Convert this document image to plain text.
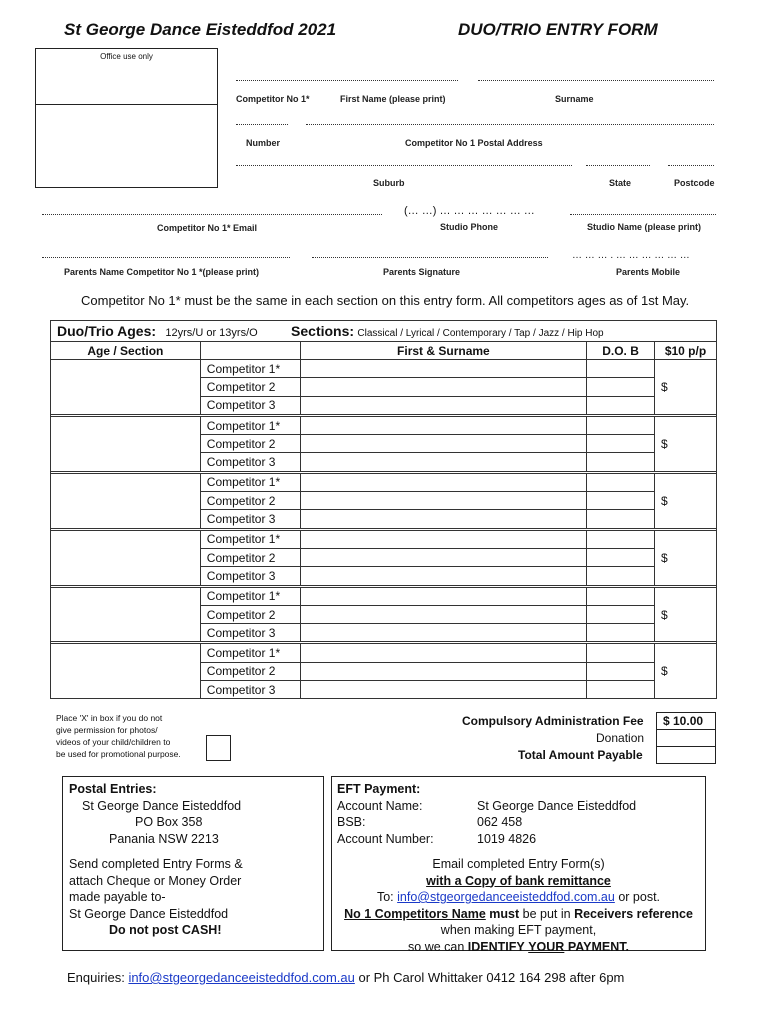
St George Dance Eisteddfod 2021	DUO/TRIO ENTRY FORM
Office use only
Competitor No 1*	First Name (please print)	Surname
Number	Competitor No 1 Postal Address
Suburb	State	Postcode
(… …) … … … … … … …
Competitor No 1* Email	Studio Phone	Studio Name (please print)
… … … . … … … … … …
Parents Name Competitor No 1 *(please print)	Parents Signature	Parents Mobile
Competitor No 1* must be the same in each section on this entry form. All competitors ages as of 1st May.
Duo/Trio Ages: 12yrs/U or 13yrs/O Sections: Classical / Lyrical / Contemporary / Tap / Jazz / Hip Hop				
Age / Section		First & Surname	D.O. B	$10 p/p
	Competitor 1*			$
	Competitor 2			
	Competitor 3			

	Competitor 1*			$
	Competitor 2			
	Competitor 3			

	Competitor 1*			$
	Competitor 2			
	Competitor 3			

	Competitor 1*			$
	Competitor 2			
	Competitor 3			

	Competitor 1*			$
	Competitor 2			
	Competitor 3			

	Competitor 1*			$
	Competitor 2			
	Competitor 3			
Compulsory Administration Fee	$ 10.00
Donation
Total Amount Payable
Place 'X' in box if you do not
give permission for photos/
videos of your child/children to
be used for promotional purpose.
Postal Entries:
St George Dance Eisteddfod
PO Box 358
Panania NSW 2213
Send completed Entry Forms &
attach Cheque or Money Order
made payable to-
St George Dance Eisteddfod
Do not post CASH!
EFT Payment:
Account Name:	St George Dance Eisteddfod
BSB:	062 458
Account Number:	1019 4826
Email completed Entry Form(s)
with a Copy of bank remittance
To: info@stgeorgedanceeisteddfod.com.au or post.
No 1 Competitors Name must be put in Receivers reference
when making EFT payment,
so we can IDENTIFY YOUR PAYMENT.
Enquiries: info@stgeorgedanceeisteddfod.com.au or Ph Carol Whittaker 0412 164 298 after 6pm
